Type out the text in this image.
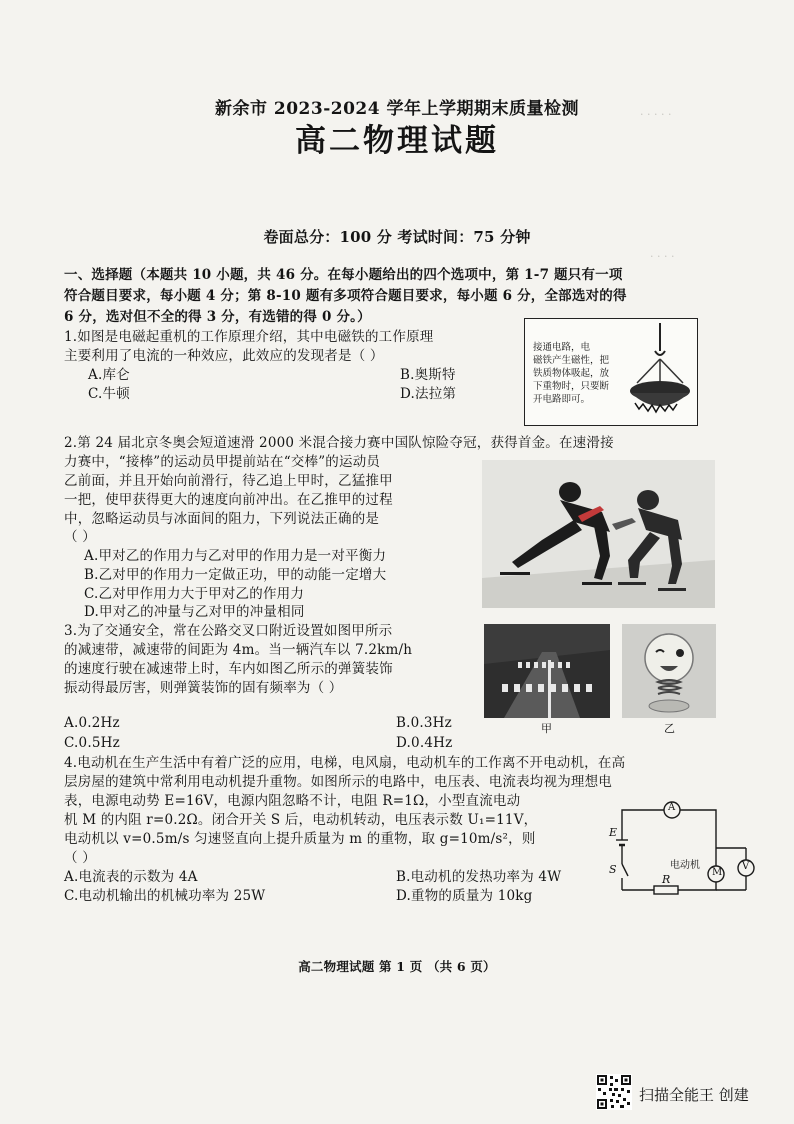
· · · · ·
· · · ·
新余市 2023-2024 学年上学期期末质量检测
高二物理试题
卷面总分：100 分 考试时间：75 分钟
一、选择题（本题共 10 小题，共 46 分。在每小题给出的四个选项中，第 1-7 题只有一项
符合题目要求，每小题 4 分；第 8-10 题有多项符合题目要求，每小题 6 分，全部选对的得
6 分，选对但不全的得 3 分，有选错的得 0 分。）
1.如图是电磁起重机的工作原理介绍，其中电磁铁的工作原理
主要利用了电流的一种效应，此效应的发现者是（ ）
A.库仑	B.奥斯特
C.牛顿	D.法拉第
接通电路，电
磁铁产生磁性，把
铁质物体吸起，放
下重物时，只要断
开电路即可。
2.第 24 届北京冬奥会短道速滑 2000 米混合接力赛中国队惊险夺冠，获得首金。在速滑接
力赛中，“接棒”的运动员甲提前站在“交棒”的运动员
乙前面，并且开始向前滑行，待乙追上甲时，乙猛推甲
一把，使甲获得更大的速度向前冲出。在乙推甲的过程
中，忽略运动员与冰面间的阻力，下列说法正确的是
（ ）
A.甲对乙的作用力与乙对甲的作用力是一对平衡力
B.乙对甲的作用力一定做正功，甲的动能一定增大
C.乙对甲作用力大于甲对乙的作用力
D.甲对乙的冲量与乙对甲的冲量相同
3.为了交通安全，常在公路交叉口附近设置如图甲所示
的减速带，减速带的间距为 4m。当一辆汽车以 7.2km/h
的速度行驶在减速带上时，车内如图乙所示的弹簧装饰
振动得最厉害，则弹簧装饰的固有频率为（ ）
A.0.2Hz	B.0.3Hz
C.0.5Hz	D.0.4Hz
甲	乙
4.电动机在生产生活中有着广泛的应用，电梯，电风扇，电动机车的工作离不开电动机，在高
层房屋的建筑中常利用电动机提升重物。如图所示的电路中，电压表、电流表均视为理想电
表，电源电动势 E=16V，电源内阻忽略不计，电阻 R=1Ω，小型直流电动
机 M 的内阻 r=0.2Ω。闭合开关 S 后，电动机转动，电压表示数 U₁=11V，
电动机以 v=0.5m/s 匀速竖直向上提升质量为 m 的重物，取 g=10m/s²，则
（ ）
A.电流表的示数为 4A	B.电动机的发热功率为 4W
C.电动机输出的机械功率为 25W	D.重物的质量为 10kg
A
M
V
E
S
R
电动机
高二物理试题 第 1 页 （共 6 页）
扫描全能王 创建
